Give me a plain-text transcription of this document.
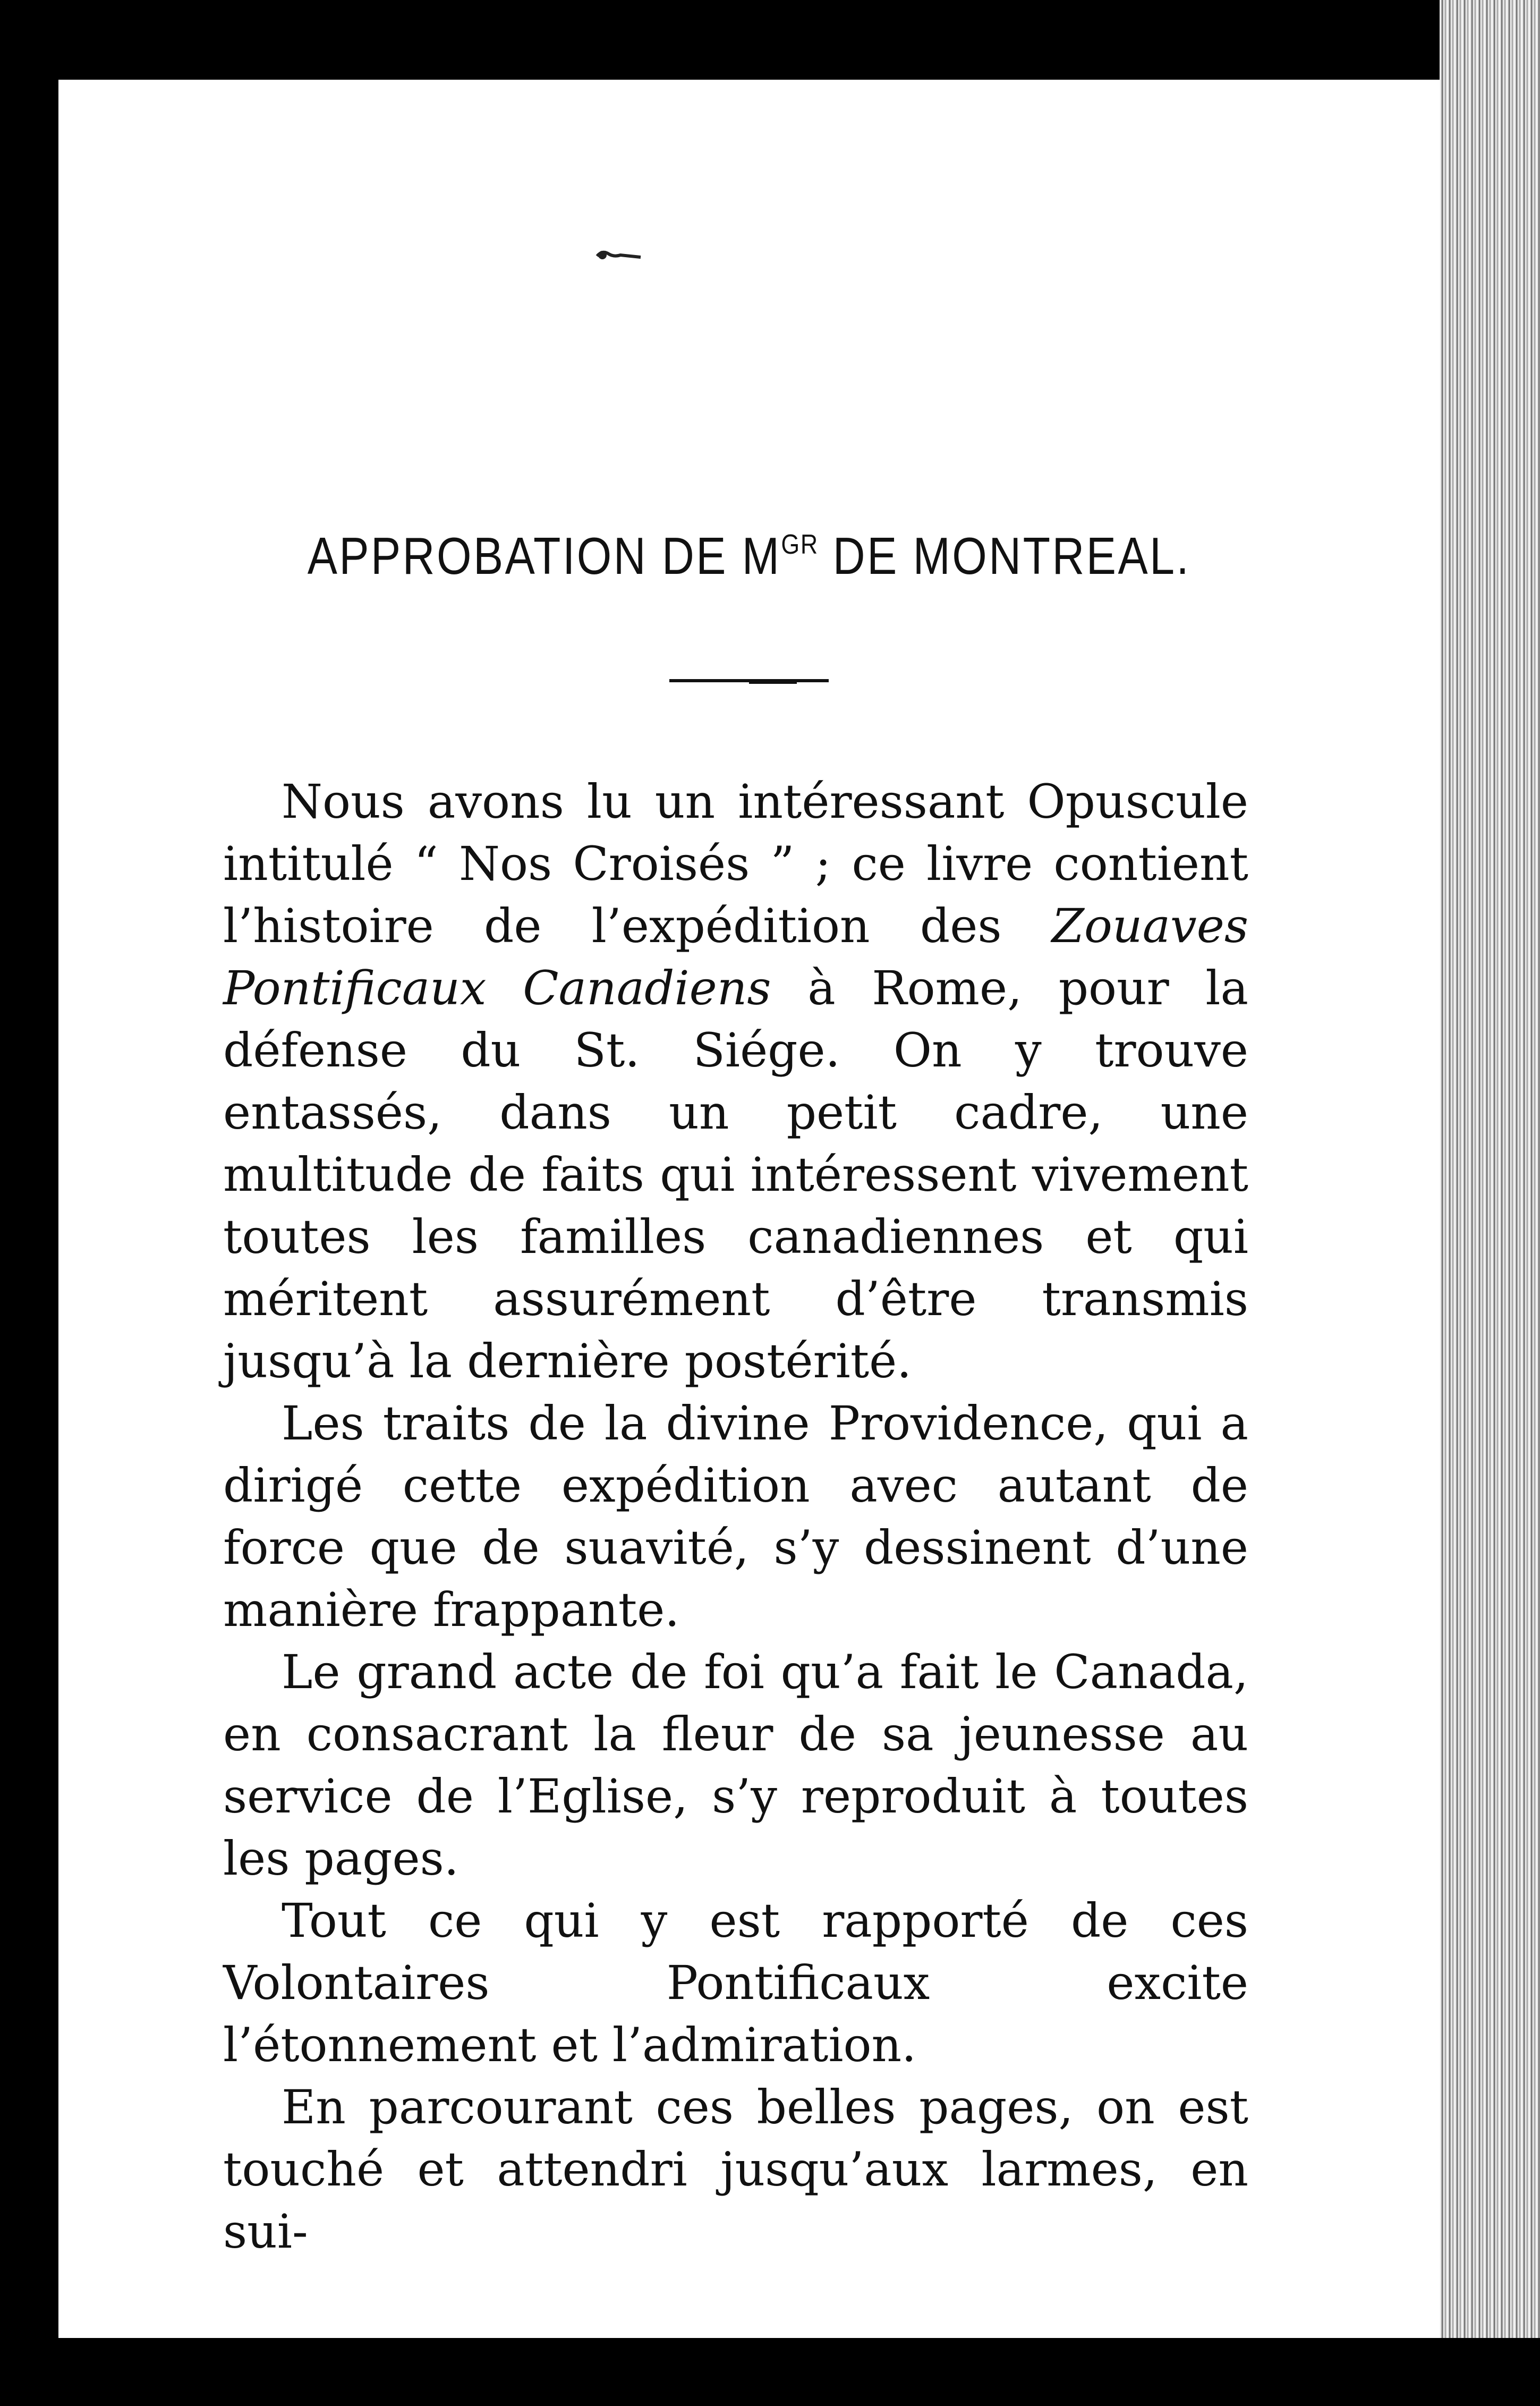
APPROBATION DE $M^{GR}$ DE MONTREAL.

Nous avons lu un intéressant Opuscule intitulé “ Nos Croisés ” ; ce livre contient l’histoire de l’expédition des Zouaves Pontificaux Canadiens à Rome, pour la défense du St. Siége. On y trouve entassés, dans un petit cadre, une multitude de faits qui intéressent vivement toutes les familles canadiennes et qui méritent assurément d’être transmis jusqu’à la dernière postérité.

Les traits de la divine Providence, qui a dirigé cette expédition avec autant de force que de suavité, s’y dessinent d’une manière frappante.

Le grand acte de foi qu’a fait le Canada, en consacrant la fleur de sa jeunesse au service de l’Eglise, s’y reproduit à toutes les pages.

Tout ce qui y est rapporté de ces Volontaires Pontificaux excite l’étonnement et l’admiration.

En parcourant ces belles pages, on est touché et attendri jusqu’aux larmes, en sui-
